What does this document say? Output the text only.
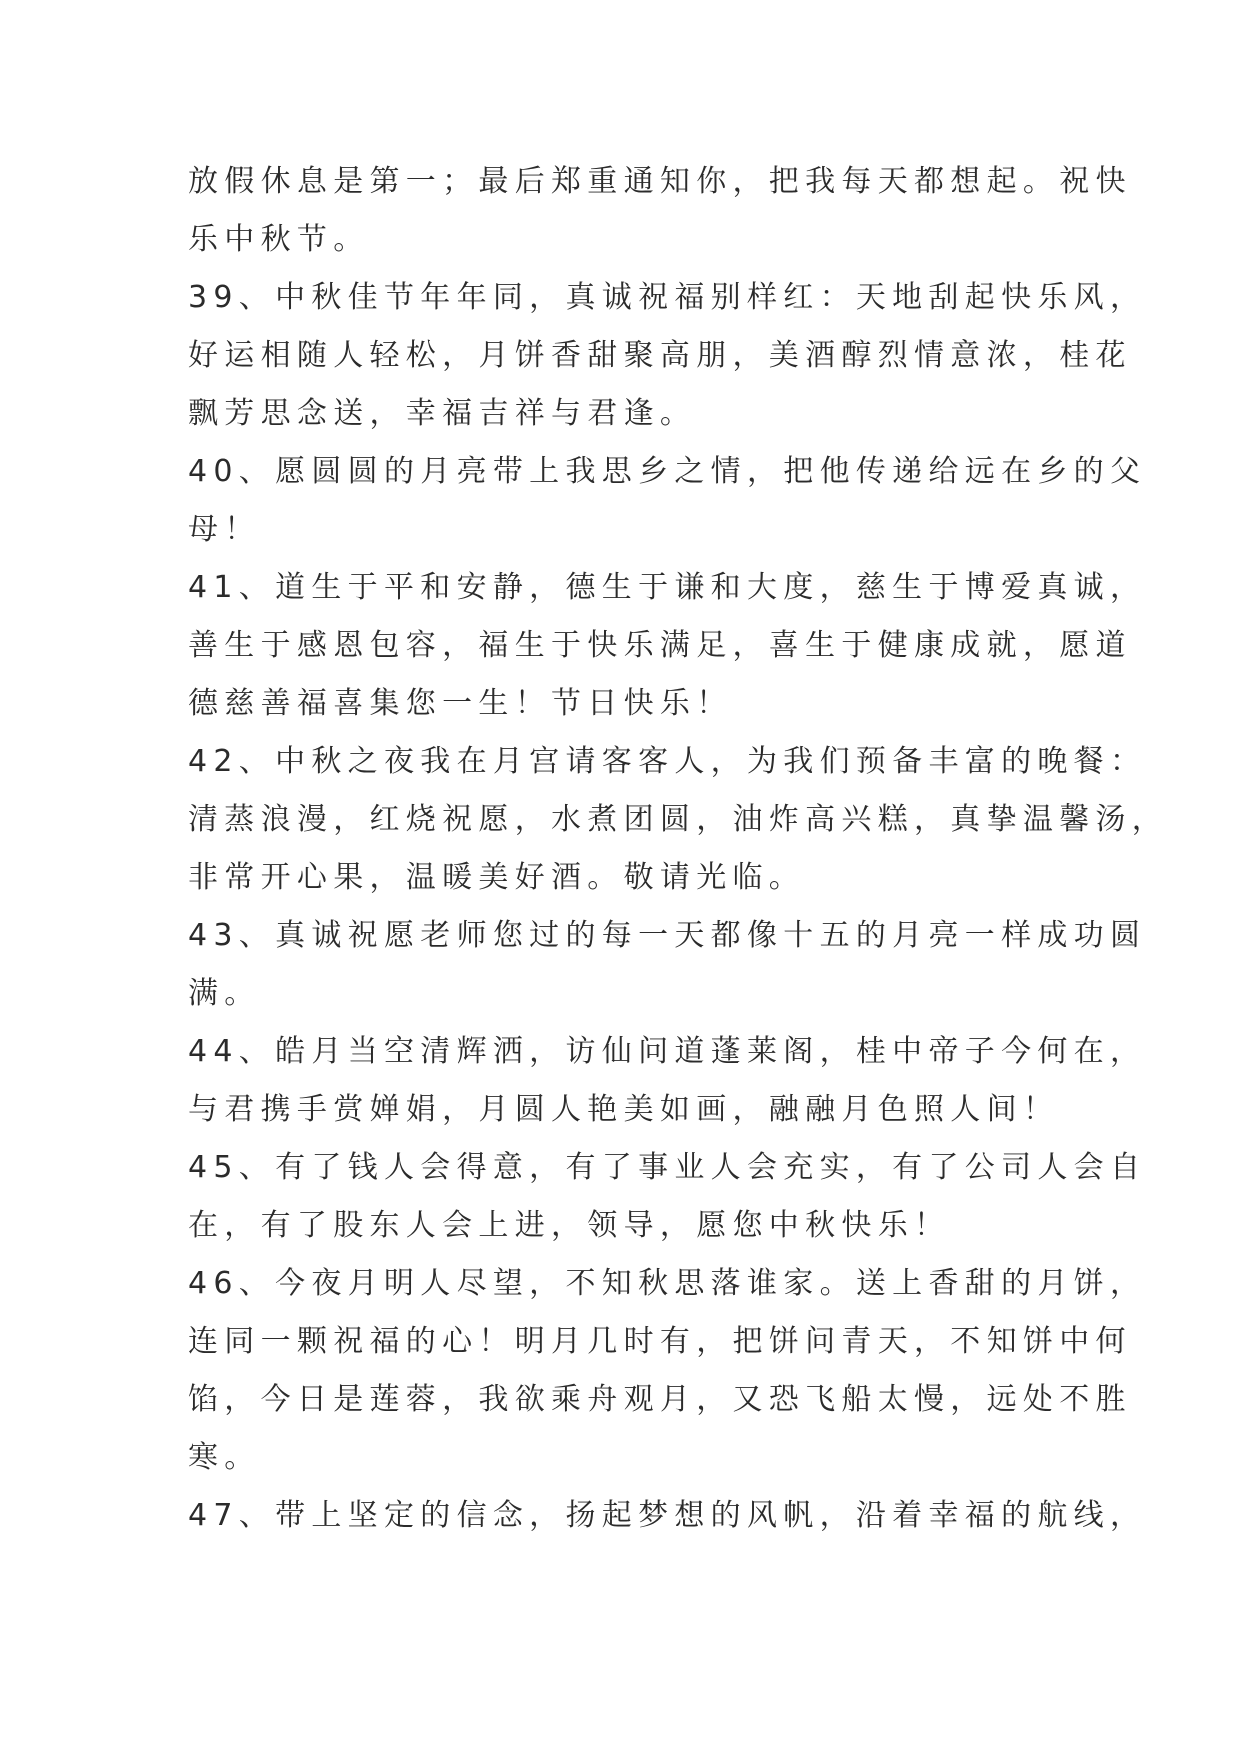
放假休息是第一；最后郑重通知你，把我每天都想起。祝快
乐中秋节。
39、中秋佳节年年同，真诚祝福别样红：天地刮起快乐风，
好运相随人轻松，月饼香甜聚高朋，美酒醇烈情意浓，桂花
飘芳思念送，幸福吉祥与君逢。
40、愿圆圆的月亮带上我思乡之情，把他传递给远在乡的父
母！
41、道生于平和安静，德生于谦和大度，慈生于博爱真诚，
善生于感恩包容，福生于快乐满足，喜生于健康成就，愿道
德慈善福喜集您一生！节日快乐！
42、中秋之夜我在月宫请客客人，为我们预备丰富的晚餐：
清蒸浪漫，红烧祝愿，水煮团圆，油炸高兴糕，真挚温馨汤，
非常开心果，温暖美好酒。敬请光临。
43、真诚祝愿老师您过的每一天都像十五的月亮一样成功圆
满。
44、皓月当空清辉洒，访仙问道蓬莱阁，桂中帝子今何在，
与君携手赏婵娟，月圆人艳美如画，融融月色照人间！
45、有了钱人会得意，有了事业人会充实，有了公司人会自
在，有了股东人会上进，领导，愿您中秋快乐！
46、今夜月明人尽望，不知秋思落谁家。送上香甜的月饼，
连同一颗祝福的心！明月几时有，把饼问青天，不知饼中何
馅，今日是莲蓉，我欲乘舟观月，又恐飞船太慢，远处不胜
寒。
47、带上坚定的信念，扬起梦想的风帆，沿着幸福的航线，
